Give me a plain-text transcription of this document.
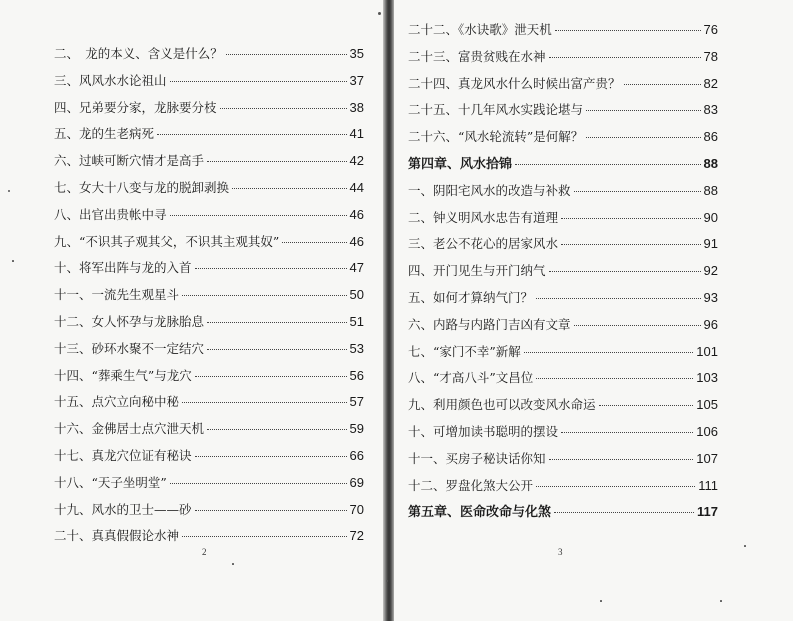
二、　龙的本义、含义是什么？	35
三、风风水水论祖山	37
四、兄弟要分家，龙脉要分枝	38
五、龙的生老病死	41
六、过峡可断穴情才是高手	42
七、女大十八变与龙的脱卸剥换	44
八、出官出贵帐中寻	46
九、“不识其子观其父，不识其主观其奴”	46
十、将军出阵与龙的入首	47
十一、一流先生观星斗	50
十二、女人怀孕与龙脉胎息	51
十三、砂环水聚不一定结穴	53
十四、“葬乘生气”与龙穴	56
十五、点穴立向秘中秘	57
十六、金佛居士点穴泄天机	59
十七、真龙穴位证有秘诀	66
十八、“天子坐明堂”	69
十九、风水的卫士——砂	70
二十、真真假假论水神	72
2
二十二、《水诀歌》泄天机	76
二十三、富贵贫贱在水神	78
二十四、真龙风水什么时候出富产贵？	82
二十五、十几年风水实践论堪与	83
二十六、“风水轮流转”是何解？	86
第四章、风水拾锦	88
一、阴阳宅风水的改造与补救	88
二、钟义明风水忠告有道理	90
三、老公不花心的居家风水	91
四、开门见生与开门纳气	92
五、如何才算纳气门？	93
六、内路与内路门吉凶有文章	96
七、“家门不幸”新解	101
八、“才高八斗”文昌位	103
九、利用颜色也可以改变风水命运	105
十、可增加读书聪明的摆设	106
十一、买房子秘诀话你知	107
十二、罗盘化煞大公开	111
第五章、医命改命与化煞	117
3
